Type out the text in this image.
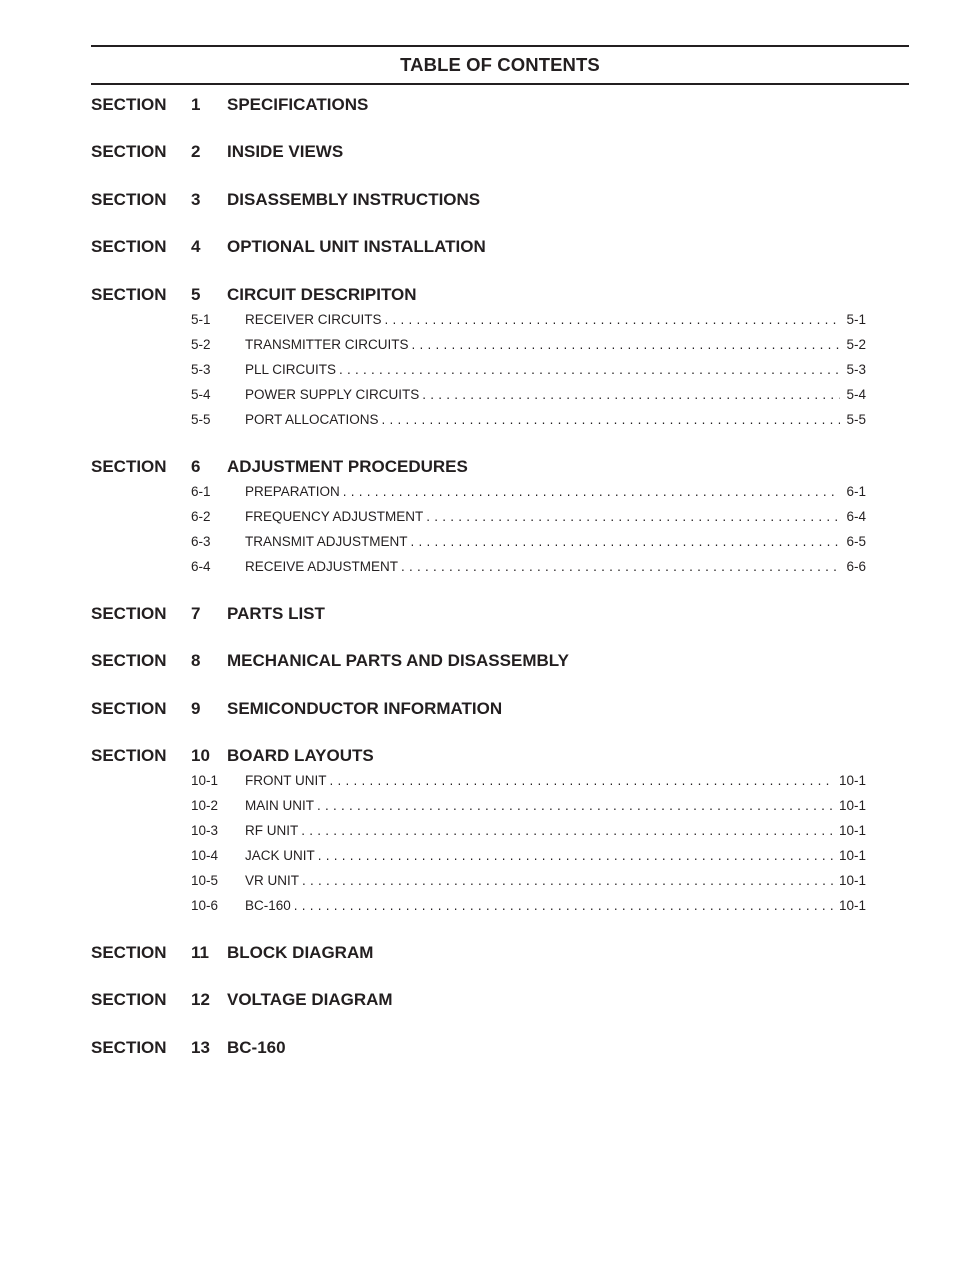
TABLE OF CONTENTS
SECTION 1 SPECIFICATIONS
SECTION 2 INSIDE VIEWS
SECTION 3 DISASSEMBLY INSTRUCTIONS
SECTION 4 OPTIONAL UNIT INSTALLATION
SECTION 5 CIRCUIT DESCRIPITON
5-1	RECEIVER CIRCUITS . . .	5-1
5-2	TRANSMITTER CIRCUITS . . .	5-2
5-3	PLL CIRCUITS . . .	5-3
5-4	POWER SUPPLY CIRCUITS . . .	5-4
5-5	PORT ALLOCATIONS . . .	5-5
SECTION 6 ADJUSTMENT PROCEDURES
6-1	PREPARATION . . .	6-1
6-2	FREQUENCY ADJUSTMENT . . .	6-4
6-3	TRANSMIT ADJUSTMENT . . .	6-5
6-4	RECEIVE ADJUSTMENT . . .	6-6
SECTION 7 PARTS LIST
SECTION 8 MECHANICAL PARTS AND DISASSEMBLY
SECTION 9 SEMICONDUCTOR INFORMATION
SECTION 10 BOARD LAYOUTS
10-1 FRONT UNIT . . .	10-1
10-2 MAIN UNIT . . .	10-1
10-3 RF UNIT . . .	10-1
10-4 JACK UNIT . . .	10-1
10-5 VR UNIT . . .	10-1
10-6 BC-160 . . .	10-1
SECTION 11 BLOCK DIAGRAM
SECTION 12 VOLTAGE DIAGRAM
SECTION 13 BC-160
